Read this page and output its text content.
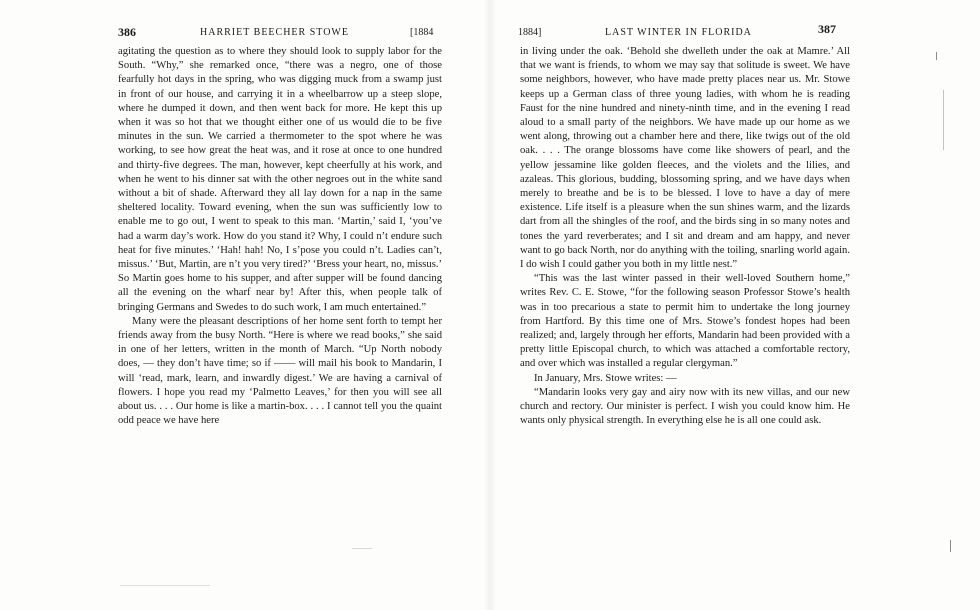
386	HARRIET BEECHER STOWE	[1884

agitating the question as to where they should look to supply labor for the South. “Why,” she remarked once, “there was a negro, one of those fearfully hot days in the spring, who was digging muck from a swamp just in front of our house, and carrying it in a wheelbarrow up a steep slope, where he dumped it down, and then went back for more. He kept this up when it was so hot that we thought either one of us would die to be five minutes in the sun. We carried a thermometer to the spot where he was working, to see how great the heat was, and it rose at once to one hundred and thirty-five degrees. The man, however, kept cheerfully at his work, and when he went to his dinner sat with the other negroes out in the white sand without a bit of shade. Afterward they all lay down for a nap in the same sheltered locality. Toward evening, when the sun was sufficiently low to enable me to go out, I went to speak to this man. ‘Martin,’ said I, ‘you’ve had a warm day’s work. How do you stand it? Why, I could n’t endure such heat for five minutes.’ ‘Hah! hah! No, I s’pose you could n’t. Ladies can’t, missus.’ ‘But, Martin, are n’t you very tired?’ ‘Bress your heart, no, missus.’ So Martin goes home to his supper, and after supper will be found dancing all the evening on the wharf near by! After this, when people talk of bringing Germans and Swedes to do such work, I am much entertained.”

Many were the pleasant descriptions of her home sent forth to tempt her friends away from the busy North. “Here is where we read books,” she said in one of her letters, written in the month of March. “Up North nobody does, — they don’t have time; so if —— will mail his book to Mandarin, I will ‘read, mark, learn, and inwardly digest.’ We are having a carnival of flowers. I hope you read my ‘Palmetto Leaves,’ for then you will see all about us. . . . Our home is like a martin-box. . . . I cannot tell you the quaint odd peace we have here

1884]	LAST WINTER IN FLORIDA	387

in living under the oak. ‘Behold she dwelleth under the oak at Mamre.’ All that we want is friends, to whom we may say that solitude is sweet. We have some neighbors, however, who have made pretty places near us. Mr. Stowe keeps up a German class of three young ladies, with whom he is reading Faust for the nine hundred and ninety-ninth time, and in the evening I read aloud to a small party of the neighbors. We have made up our home as we went along, throwing out a chamber here and there, like twigs out of the old oak. . . . The orange blossoms have come like showers of pearl, and the yellow jessamine like golden fleeces, and the violets and the lilies, and azaleas. This glorious, budding, blossoming spring, and we have days when merely to breathe and be is to be blessed. I love to have a day of mere existence. Life itself is a pleasure when the sun shines warm, and the lizards dart from all the shingles of the roof, and the birds sing in so many notes and tones the yard reverberates; and I sit and dream and am happy, and never want to go back North, nor do anything with the toiling, snarling world again. I do wish I could gather you both in my little nest.”

“This was the last winter passed in their well-loved Southern home,” writes Rev. C. E. Stowe, “for the following season Professor Stowe’s health was in too precarious a state to permit him to undertake the long journey from Hartford. By this time one of Mrs. Stowe’s fondest hopes had been realized; and, largely through her efforts, Mandarin had been provided with a pretty little Episcopal church, to which was attached a comfortable rectory, and over which was installed a regular clergyman.”

In January, Mrs. Stowe writes: —

“Mandarin looks very gay and airy now with its new villas, and our new church and rectory. Our minister is perfect. I wish you could know him. He wants only physical strength. In everything else he is all one could ask.
